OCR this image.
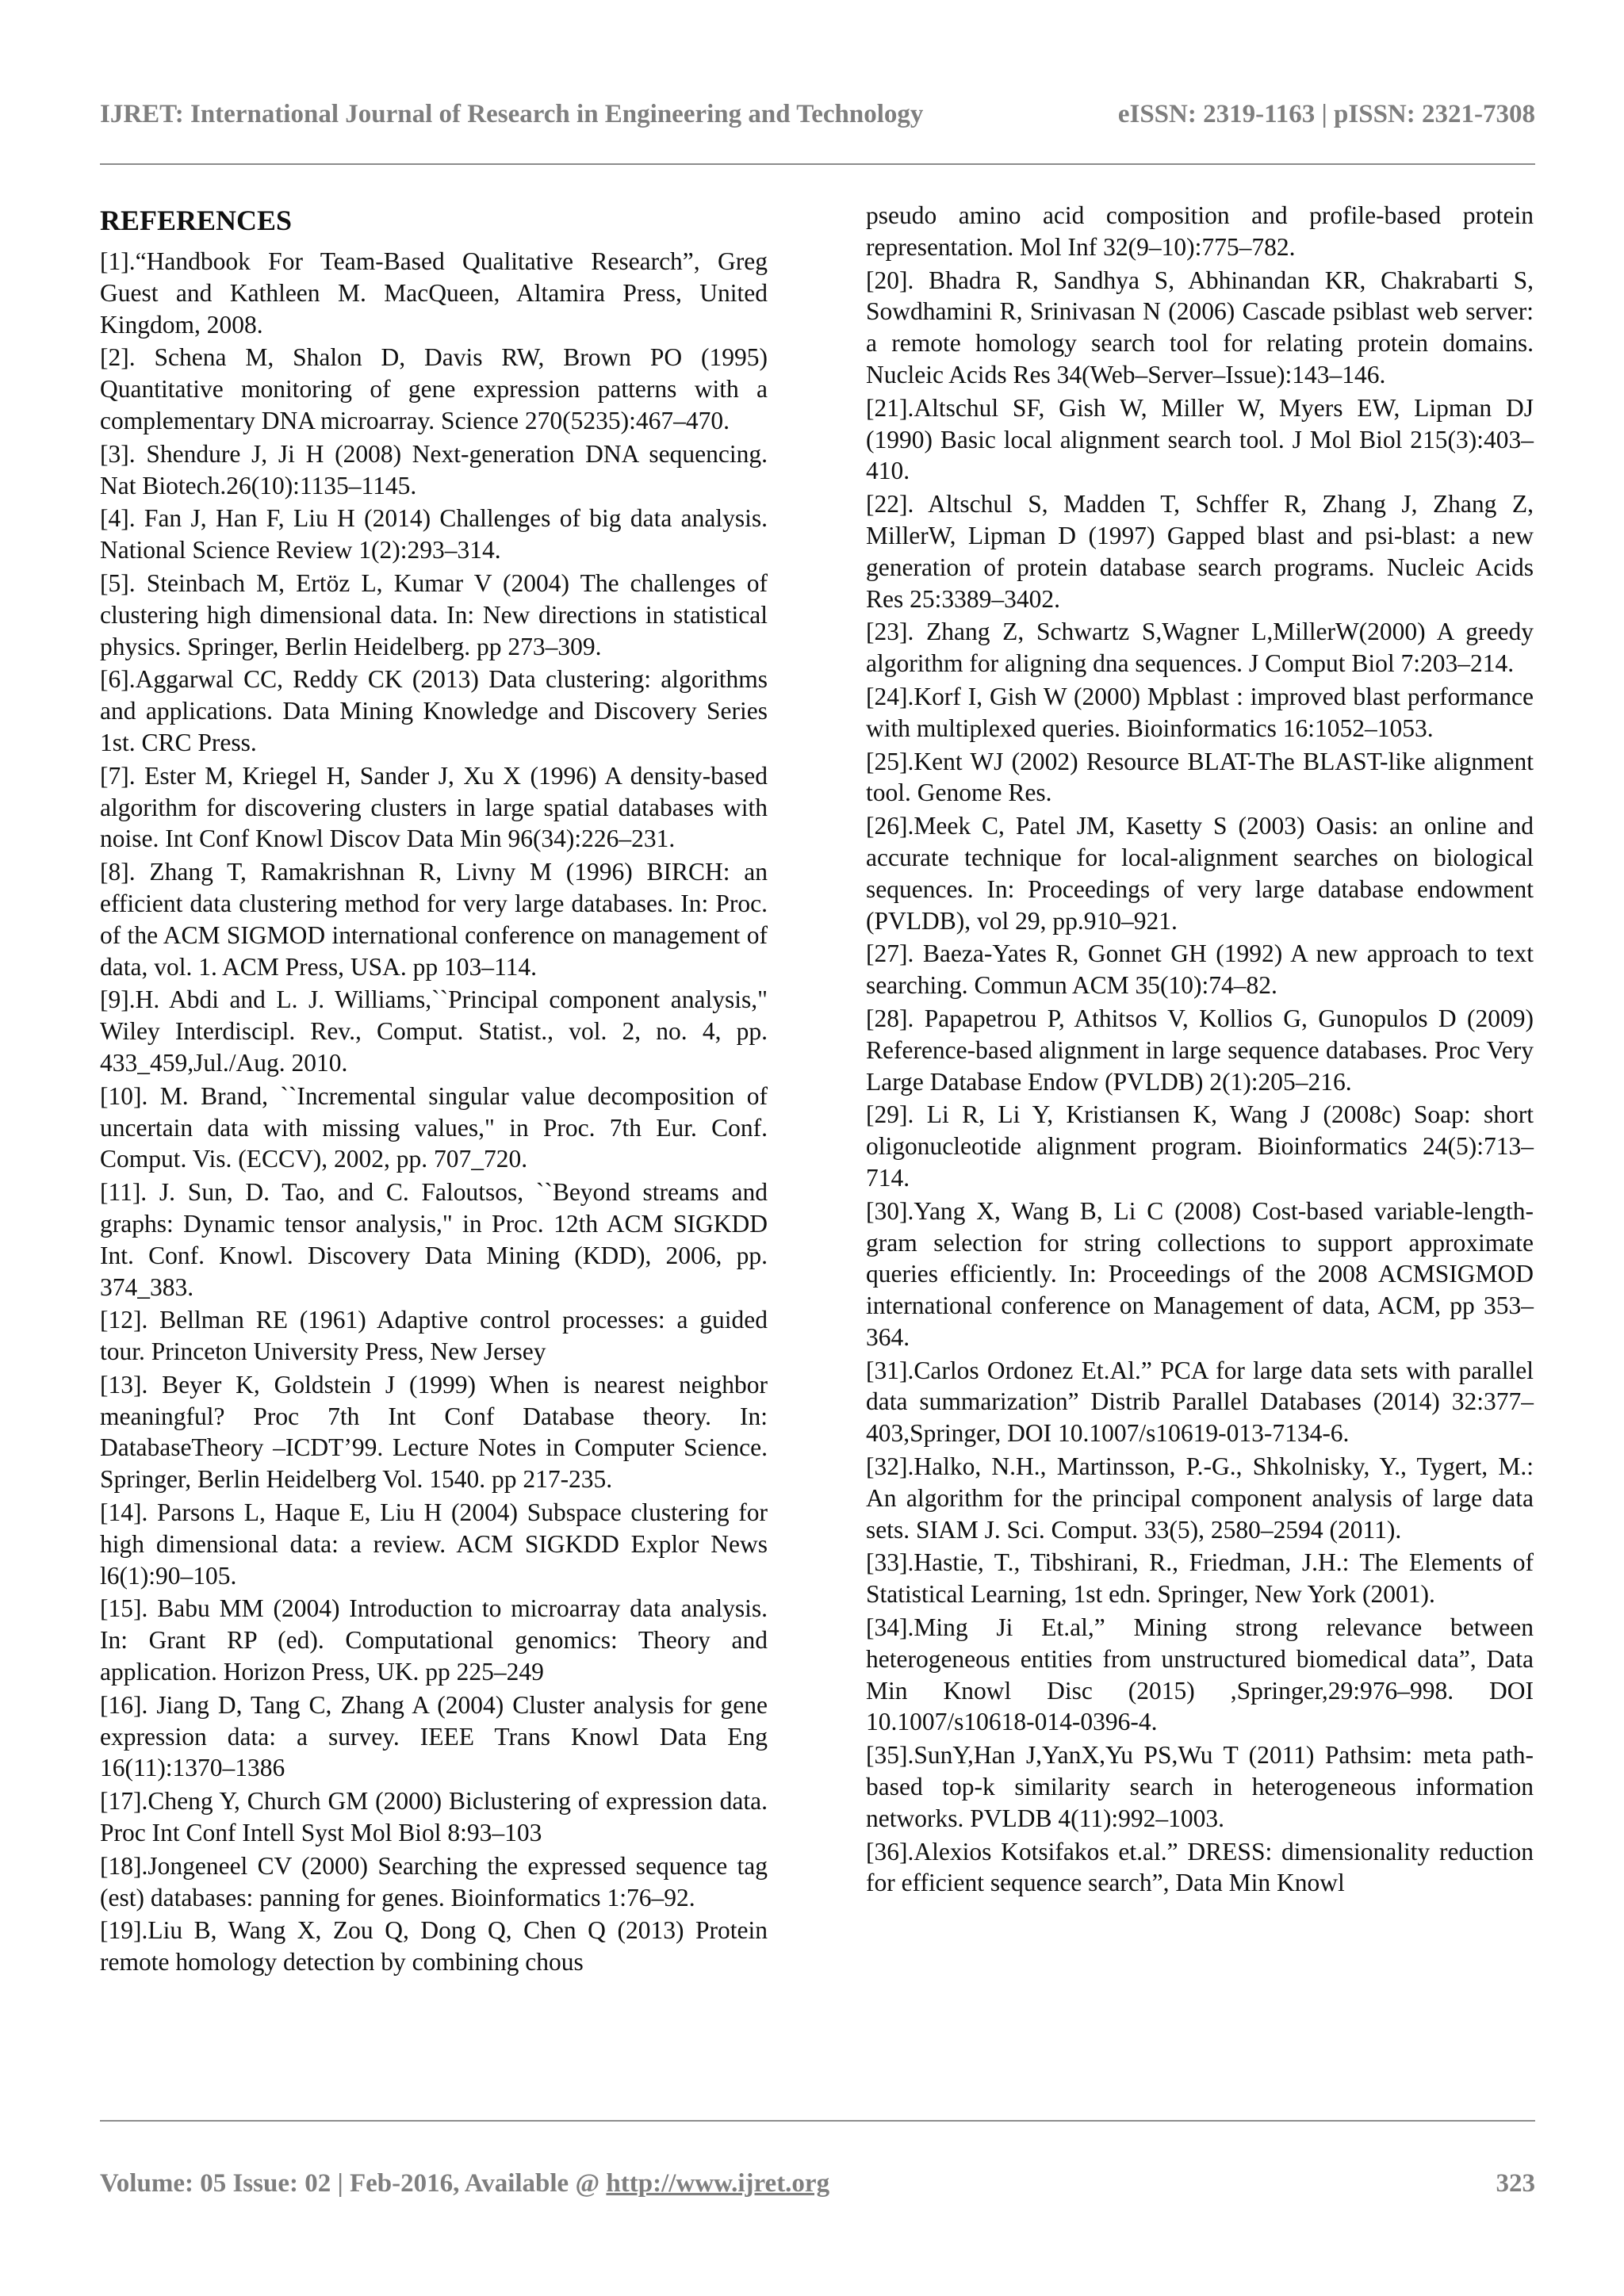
IJRET: International Journal of Research in Engineering and Technology	eISSN: 2319-1163 | pISSN: 2321-7308
REFERENCES
[1].“Handbook For Team-Based Qualitative Research”, Greg Guest and Kathleen M. MacQueen, Altamira Press, United Kingdom, 2008.
[2]. Schena M, Shalon D, Davis RW, Brown PO (1995) Quantitative monitoring of gene expression patterns with a complementary DNA microarray. Science 270(5235):467–470.
[3]. Shendure J, Ji H (2008) Next-generation DNA sequencing. Nat Biotech.26(10):1135–1145.
[4]. Fan J, Han F, Liu H (2014) Challenges of big data analysis. National Science Review 1(2):293–314.
[5]. Steinbach M, Ertöz L, Kumar V (2004) The challenges of clustering high dimensional data. In: New directions in statistical physics. Springer, Berlin Heidelberg. pp 273–309.
[6].Aggarwal CC, Reddy CK (2013) Data clustering: algorithms and applications. Data Mining Knowledge and Discovery Series 1st. CRC Press.
[7]. Ester M, Kriegel H, Sander J, Xu X (1996) A density-based algorithm for discovering clusters in large spatial databases with noise. Int Conf Knowl Discov Data Min 96(34):226–231.
[8]. Zhang T, Ramakrishnan R, Livny M (1996) BIRCH: an efficient data clustering method for very large databases. In: Proc. of the ACM SIGMOD international conference on management of data, vol. 1. ACM Press, USA. pp 103–114.
[9].H. Abdi and L. J. Williams,``Principal component analysis," Wiley Interdiscipl. Rev., Comput. Statist., vol. 2, no. 4, pp. 433_459,Jul./Aug. 2010.
[10]. M. Brand, ``Incremental singular value decomposition of uncertain data with missing values," in Proc. 7th Eur. Conf. Comput. Vis. (ECCV), 2002, pp. 707_720.
[11]. J. Sun, D. Tao, and C. Faloutsos, ``Beyond streams and graphs: Dynamic tensor analysis," in Proc. 12th ACM SIGKDD Int. Conf. Knowl. Discovery Data Mining (KDD), 2006, pp. 374_383.
[12]. Bellman RE (1961) Adaptive control processes: a guided tour. Princeton University Press, New Jersey
[13]. Beyer K, Goldstein J (1999) When is nearest neighbor meaningful? Proc 7th Int Conf Database theory. In: DatabaseTheory –ICDT’99. Lecture Notes in Computer Science. Springer, Berlin Heidelberg Vol. 1540. pp 217-235.
[14]. Parsons L, Haque E, Liu H (2004) Subspace clustering for high dimensional data: a review. ACM SIGKDD Explor News l6(1):90–105.
[15]. Babu MM (2004) Introduction to microarray data analysis. In: Grant RP (ed). Computational genomics: Theory and application. Horizon Press, UK. pp 225–249
[16]. Jiang D, Tang C, Zhang A (2004) Cluster analysis for gene expression data: a survey. IEEE Trans Knowl Data Eng 16(11):1370–1386
[17].Cheng Y, Church GM (2000) Biclustering of expression data. Proc Int Conf Intell Syst Mol Biol 8:93–103
[18].Jongeneel CV (2000) Searching the expressed sequence tag (est) databases: panning for genes. Bioinformatics 1:76–92.
[19].Liu B, Wang X, Zou Q, Dong Q, Chen Q (2013) Protein remote homology detection by combining chous
pseudo amino acid composition and profile-based protein representation. Mol Inf 32(9–10):775–782.
[20]. Bhadra R, Sandhya S, Abhinandan KR, Chakrabarti S, Sowdhamini R, Srinivasan N (2006) Cascade psiblast web server: a remote homology search tool for relating protein domains. Nucleic Acids Res 34(Web–Server–Issue):143–146.
[21].Altschul SF, Gish W, Miller W, Myers EW, Lipman DJ (1990) Basic local alignment search tool. J Mol Biol 215(3):403–410.
[22]. Altschul S, Madden T, Schffer R, Zhang J, Zhang Z, MillerW, Lipman D (1997) Gapped blast and psi-blast: a new generation of protein database search programs. Nucleic Acids Res 25:3389–3402.
[23]. Zhang Z, Schwartz S,Wagner L,MillerW(2000) A greedy algorithm for aligning dna sequences. J Comput Biol 7:203–214.
[24].Korf I, Gish W (2000) Mpblast : improved blast performance with multiplexed queries. Bioinformatics 16:1052–1053.
[25].Kent WJ (2002) Resource BLAT-The BLAST-like alignment tool. Genome Res.
[26].Meek C, Patel JM, Kasetty S (2003) Oasis: an online and accurate technique for local-alignment searches on biological sequences. In: Proceedings of very large database endowment (PVLDB), vol 29, pp.910–921.
[27]. Baeza-Yates R, Gonnet GH (1992) A new approach to text searching. Commun ACM 35(10):74–82.
[28]. Papapetrou P, Athitsos V, Kollios G, Gunopulos D (2009) Reference-based alignment in large sequence databases. Proc Very Large Database Endow (PVLDB) 2(1):205–216.
[29]. Li R, Li Y, Kristiansen K, Wang J (2008c) Soap: short oligonucleotide alignment program. Bioinformatics 24(5):713–714.
[30].Yang X, Wang B, Li C (2008) Cost-based variable-length-gram selection for string collections to support approximate queries efficiently. In: Proceedings of the 2008 ACMSIGMOD international conference on Management of data, ACM, pp 353–364.
[31].Carlos Ordonez Et.Al.” PCA for large data sets with parallel data summarization” Distrib Parallel Databases (2014) 32:377–403,Springer, DOI 10.1007/s10619-013-7134-6.
[32].Halko, N.H., Martinsson, P.-G., Shkolnisky, Y., Tygert, M.: An algorithm for the principal component analysis of large data sets. SIAM J. Sci. Comput. 33(5), 2580–2594 (2011).
[33].Hastie, T., Tibshirani, R., Friedman, J.H.: The Elements of Statistical Learning, 1st edn. Springer, New York (2001).
[34].Ming Ji Et.al,” Mining strong relevance between heterogeneous entities from unstructured biomedical data”, Data Min Knowl Disc (2015) ,Springer,29:976–998. DOI 10.1007/s10618-014-0396-4.
[35].SunY,Han J,YanX,Yu PS,Wu T (2011) Pathsim: meta path-based top-k similarity search in heterogeneous information networks. PVLDB 4(11):992–1003.
[36].Alexios Kotsifakos et.al.” DRESS: dimensionality reduction for efficient sequence search”, Data Min Knowl
Volume: 05 Issue: 02 | Feb-2016, Available @ http://www.ijret.org	323
